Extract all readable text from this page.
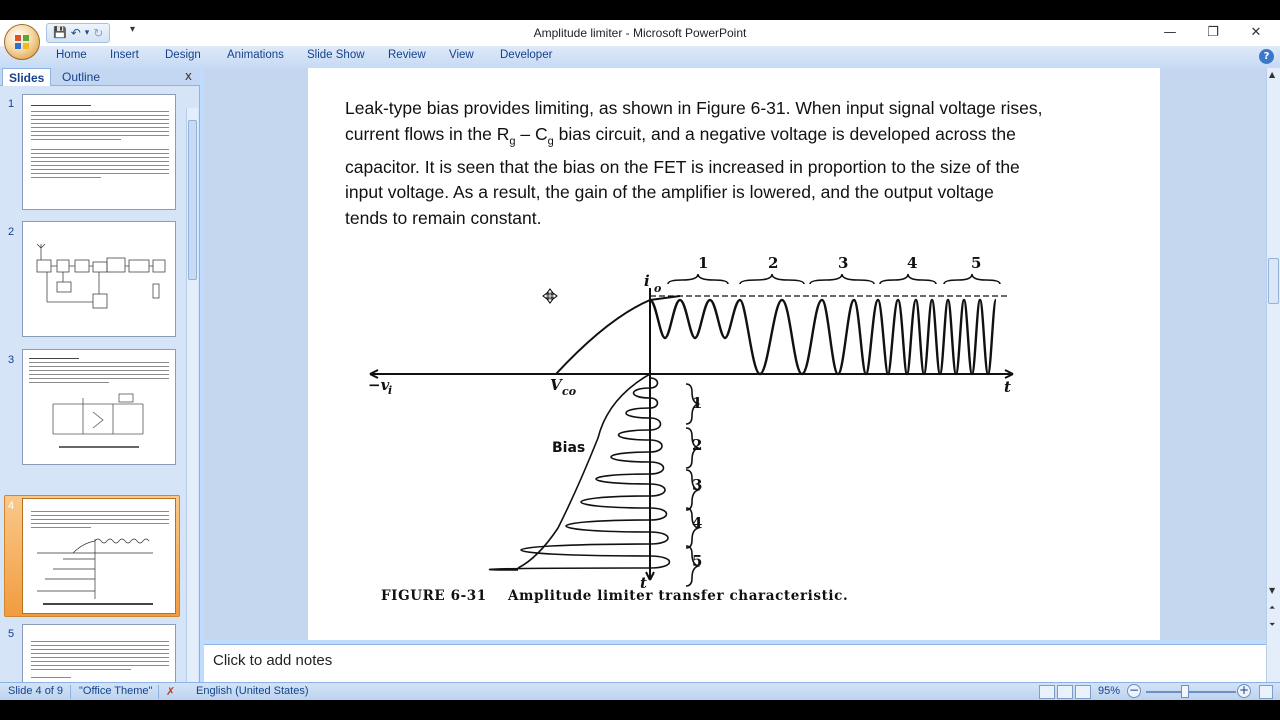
💾 ↶ ▾ ↻	▾	Amplitude limiter - Microsoft PowerPoint	—	❐	✕
Home Insert Design Animations Slide Show Review View Developer	?
Slides	Outline	x
1
2
3
4
5
Leak-type bias provides limiting, as shown in Figure 6-31. When input signal voltage rises,
current flows in the $R_g - C_g$ bias circuit, and a negative voltage is developed across the
capacitor. It is seen that the bias on the FET is increased in proportion to the size of the
input voltage. As a result, the gain of the amplifier is lowered, and the output voltage
tends to remain constant.
i o
−v
i	V co	t
t
Bias
1	2	3	4	5
1
2
3
4
5
FIGURE 6-31    Amplitude limiter transfer characteristic.
▲
▼
⏶
⏷
Click to add notes
Slide 4 of 9 "Office Theme" ✗ English (United States)	95% −	+
